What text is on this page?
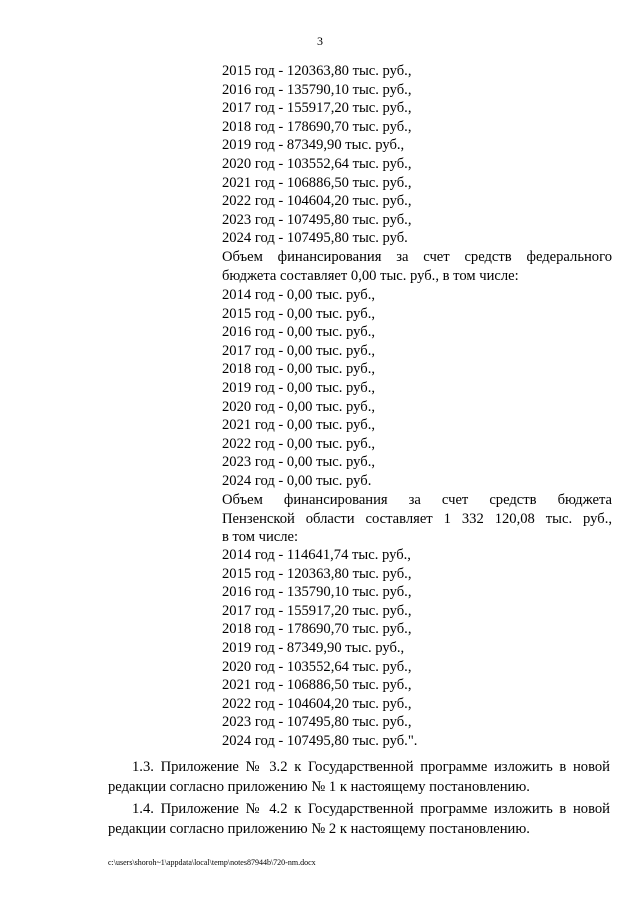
3
2015 год - 120363,80 тыс. руб.,
2016 год - 135790,10 тыс. руб.,
2017 год - 155917,20 тыс. руб.,
2018 год - 178690,70 тыс. руб.,
2019 год - 87349,90 тыс. руб.,
2020 год - 103552,64 тыс. руб.,
2021 год - 106886,50 тыс. руб.,
2022 год - 104604,20 тыс. руб.,
2023 год - 107495,80 тыс. руб.,
2024 год - 107495,80 тыс. руб.
Объем финансирования за счет средств федерального
бюджета составляет 0,00 тыс. руб., в том числе:
2014 год - 0,00 тыс. руб.,
2015 год - 0,00 тыс. руб.,
2016 год - 0,00 тыс. руб.,
2017 год - 0,00 тыс. руб.,
2018 год - 0,00 тыс. руб.,
2019 год - 0,00 тыс. руб.,
2020 год - 0,00 тыс. руб.,
2021 год - 0,00 тыс. руб.,
2022 год - 0,00 тыс. руб.,
2023 год - 0,00 тыс. руб.,
2024 год - 0,00 тыс. руб.
Объем финансирования за счет средств бюджета
Пензенской области составляет 1 332 120,08 тыс. руб.,
в том числе:
2014 год - 114641,74 тыс. руб.,
2015 год - 120363,80 тыс. руб.,
2016 год - 135790,10 тыс. руб.,
2017 год - 155917,20 тыс. руб.,
2018 год - 178690,70 тыс. руб.,
2019 год - 87349,90 тыс. руб.,
2020 год - 103552,64 тыс. руб.,
2021 год - 106886,50 тыс. руб.,
2022 год - 104604,20 тыс. руб.,
2023 год - 107495,80 тыс. руб.,
2024 год - 107495,80 тыс. руб.".
1.3. Приложение № 3.2 к Государственной программе изложить в новой
редакции согласно приложению № 1 к настоящему постановлению.
1.4. Приложение № 4.2 к Государственной программе изложить в новой
редакции согласно приложению № 2 к настоящему постановлению.
c:\users\shoroh~1\appdata\local\temp\notes87944b\720-nm.docx
